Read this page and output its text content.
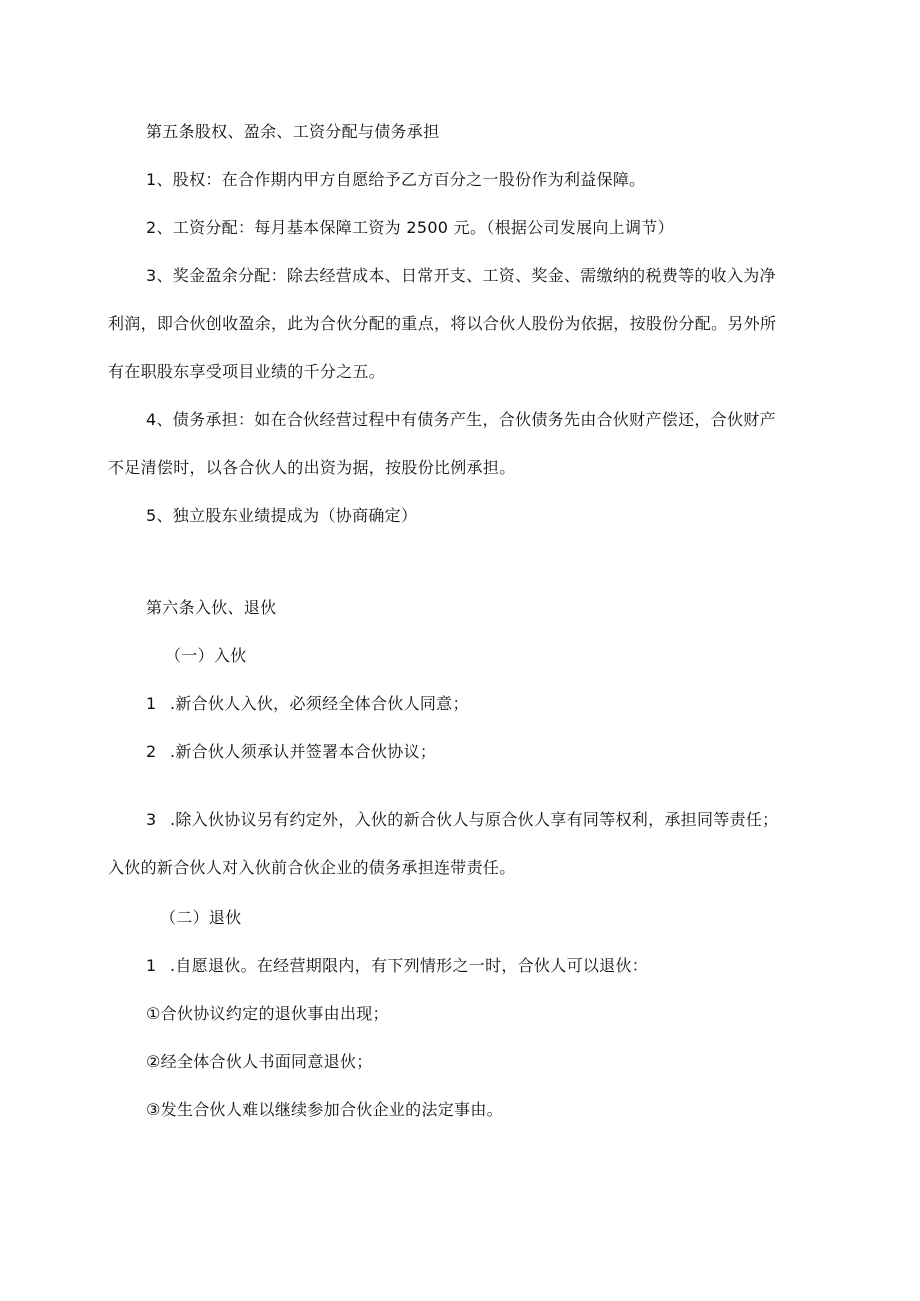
第五条股权、盈余、工资分配与债务承担
1、股权：在合作期内甲方自愿给予乙方百分之一股份作为利益保障。
2、工资分配：每月基本保障工资为 2500 元。（根据公司发展向上调节）
3、奖金盈余分配：除去经营成本、日常开支、工资、奖金、需缴纳的税费等的收入为净
利润，即合伙创收盈余，此为合伙分配的重点，将以合伙人股份为依据，按股份分配。另外所
有在职股东享受项目业绩的千分之五。
4、债务承担：如在合伙经营过程中有债务产生，合伙债务先由合伙财产偿还，合伙财产
不足清偿时，以各合伙人的出资为据，按股份比例承担。
5、独立股东业绩提成为（协商确定）
第六条入伙、退伙
（一）入伙
1 .新合伙人入伙，必须经全体合伙人同意；
2 .新合伙人须承认并签署本合伙协议；
3 .除入伙协议另有约定外，入伙的新合伙人与原合伙人享有同等权利，承担同等责任；
入伙的新合伙人对入伙前合伙企业的债务承担连带责任。
（二）退伙
1 .自愿退伙。在经营期限内，有下列情形之一时，合伙人可以退伙：
①合伙协议约定的退伙事由出现；
②经全体合伙人书面同意退伙；
③发生合伙人难以继续参加合伙企业的法定事由。
